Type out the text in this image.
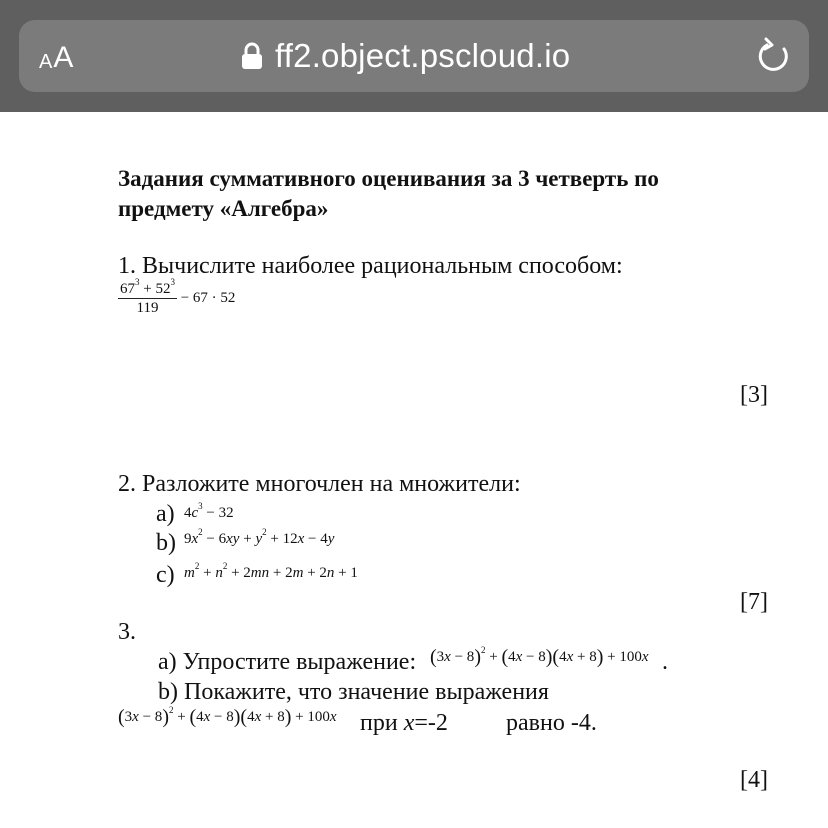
A A	ff2.object.pscloud.io
Задания суммативного оценивания за 3 четверть по предмету «Алгебра»
1. Вычислите наиболее рациональным способом:
$\frac{67^3 + 52^3}{119} - 67 \cdot 52$
[3]
2. Разложите многочлен на множители:
а) $4c^3 - 32$
b) $9x^2 - 6xy + y^2 + 12x - 4y$
c) $m^2 + n^2 + 2mn + 2m + 2n + 1$
[7]
3.
а) Упростите выражение: $(3x - 8)^2 + (4x - 8)(4x + 8) + 100x$ .
b) Покажите, что значение выражения
$(3x - 8)^2 + (4x - 8)(4x + 8) + 100x$ при x=-2 равно -4.
[4]
